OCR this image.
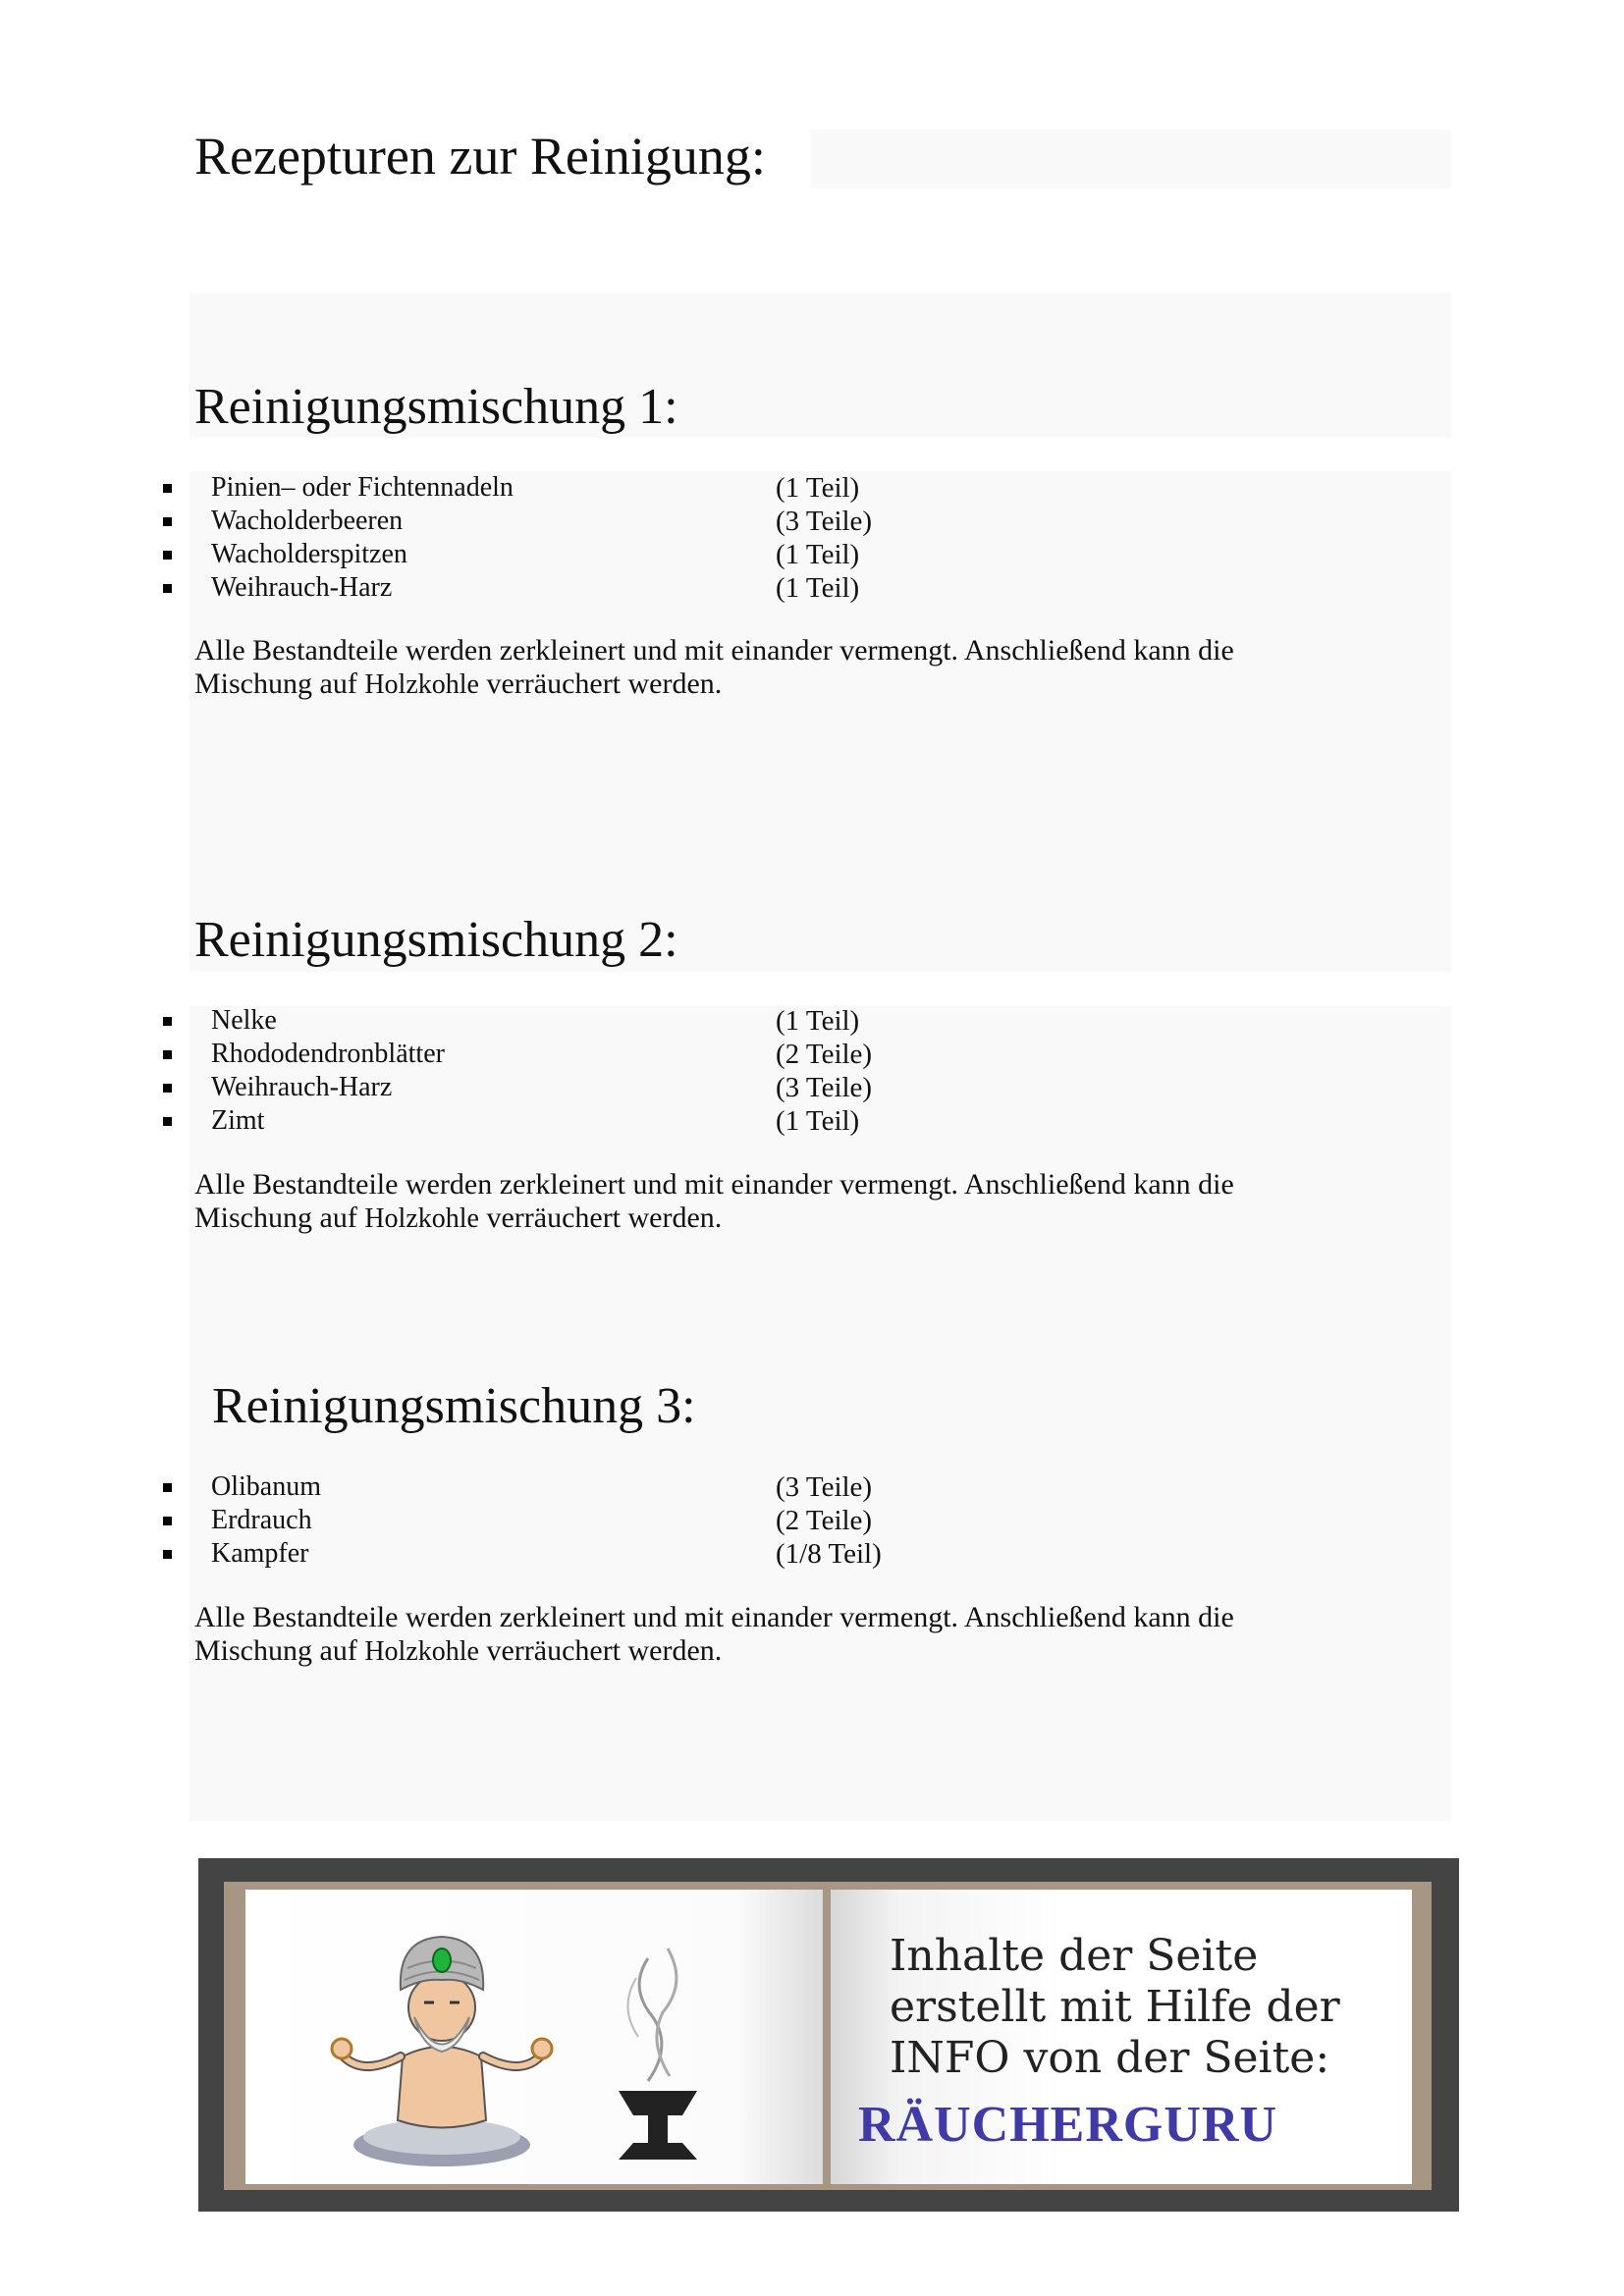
Rezepturen zur Reinigung:
Reinigungsmischung 1:
Pinien– oder Fichtennadeln	(1 Teil)
Wacholderbeeren	(3 Teile)
Wacholderspitzen	(1 Teil)
Weihrauch-Harz	(1 Teil)

Alle Bestandteile werden zerkleinert und mit einander vermengt. Anschließend kann die
Mischung auf Holzkohle verräuchert werden.

Reinigungsmischung 2:
Nelke	(1 Teil)
Rhododendronblätter	(2 Teile)
Weihrauch-Harz	(3 Teile)
Zimt	(1 Teil)

Alle Bestandteile werden zerkleinert und mit einander vermengt. Anschließend kann die
Mischung auf Holzkohle verräuchert werden.

Reinigungsmischung 3:
Olibanum	(3 Teile)
Erdrauch	(2 Teile)
Kampfer	(1/8 Teil)

Alle Bestandteile werden zerkleinert und mit einander vermengt. Anschließend kann die
Mischung auf Holzkohle verräuchert werden.

Inhalte der Seite
erstellt mit Hilfe der
INFO von der Seite:

RÄUCHERGURU
